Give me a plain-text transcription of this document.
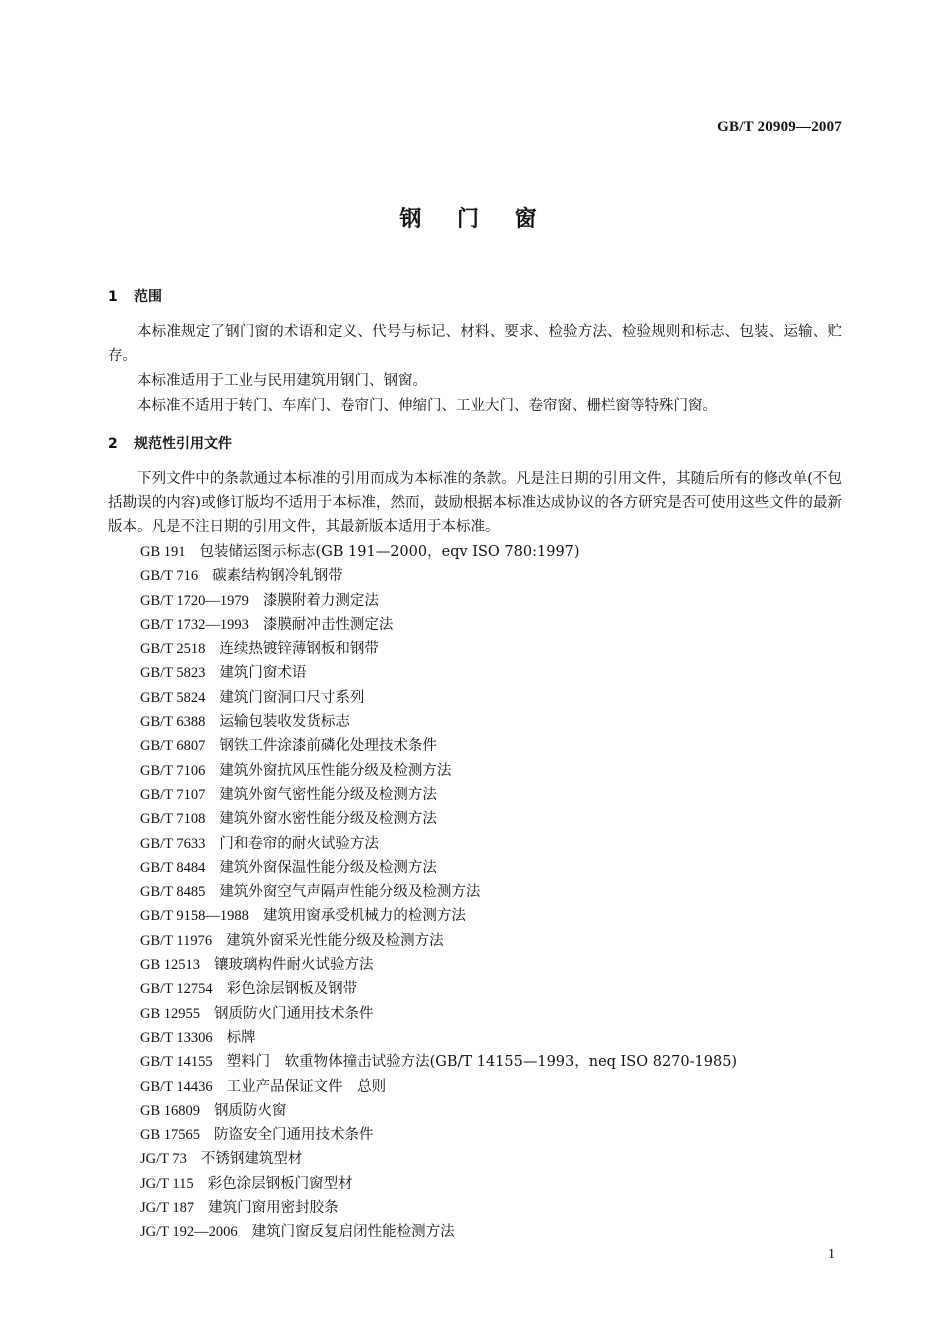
GB/T 20909—2007
钢 门 窗
1 范围

本标准规定了钢门窗的术语和定义、代号与标记、材料、要求、检验方法、检验规则和标志、包装、运输、贮存。

本标准适用于工业与民用建筑用钢门、钢窗。

本标准不适用于转门、车库门、卷帘门、伸缩门、工业大门、卷帘窗、栅栏窗等特殊门窗。

2 规范性引用文件

下列文件中的条款通过本标准的引用而成为本标准的条款。凡是注日期的引用文件，其随后所有的修改单(不包括勘误的内容)或修订版均不适用于本标准，然而，鼓励根据本标准达成协议的各方研究是否可使用这些文件的最新版本。凡是不注日期的引用文件，其最新版本适用于本标准。

GB 191 包装储运图示标志(GB 191—2000，eqv ISO 780:1997)
GB/T 716 碳素结构钢冷轧钢带
GB/T 1720—1979 漆膜附着力测定法
GB/T 1732—1993 漆膜耐冲击性测定法
GB/T 2518 连续热镀锌薄钢板和钢带
GB/T 5823 建筑门窗术语
GB/T 5824 建筑门窗洞口尺寸系列
GB/T 6388 运输包装收发货标志
GB/T 6807 钢铁工件涂漆前磷化处理技术条件
GB/T 7106 建筑外窗抗风压性能分级及检测方法
GB/T 7107 建筑外窗气密性能分级及检测方法
GB/T 7108 建筑外窗水密性能分级及检测方法
GB/T 7633 门和卷帘的耐火试验方法
GB/T 8484 建筑外窗保温性能分级及检测方法
GB/T 8485 建筑外窗空气声隔声性能分级及检测方法
GB/T 9158—1988 建筑用窗承受机械力的检测方法
GB/T 11976 建筑外窗采光性能分级及检测方法
GB 12513 镶玻璃构件耐火试验方法
GB/T 12754 彩色涂层钢板及钢带
GB 12955 钢质防火门通用技术条件
GB/T 13306 标牌
GB/T 14155 塑料门　软重物体撞击试验方法(GB/T 14155—1993，neq ISO 8270-1985)
GB/T 14436 工业产品保证文件　总则
GB 16809 钢质防火窗
GB 17565 防盗安全门通用技术条件
JG/T 73 不锈钢建筑型材
JG/T 115 彩色涂层钢板门窗型材
JG/T 187 建筑门窗用密封胶条
JG/T 192—2006 建筑门窗反复启闭性能检测方法
1
